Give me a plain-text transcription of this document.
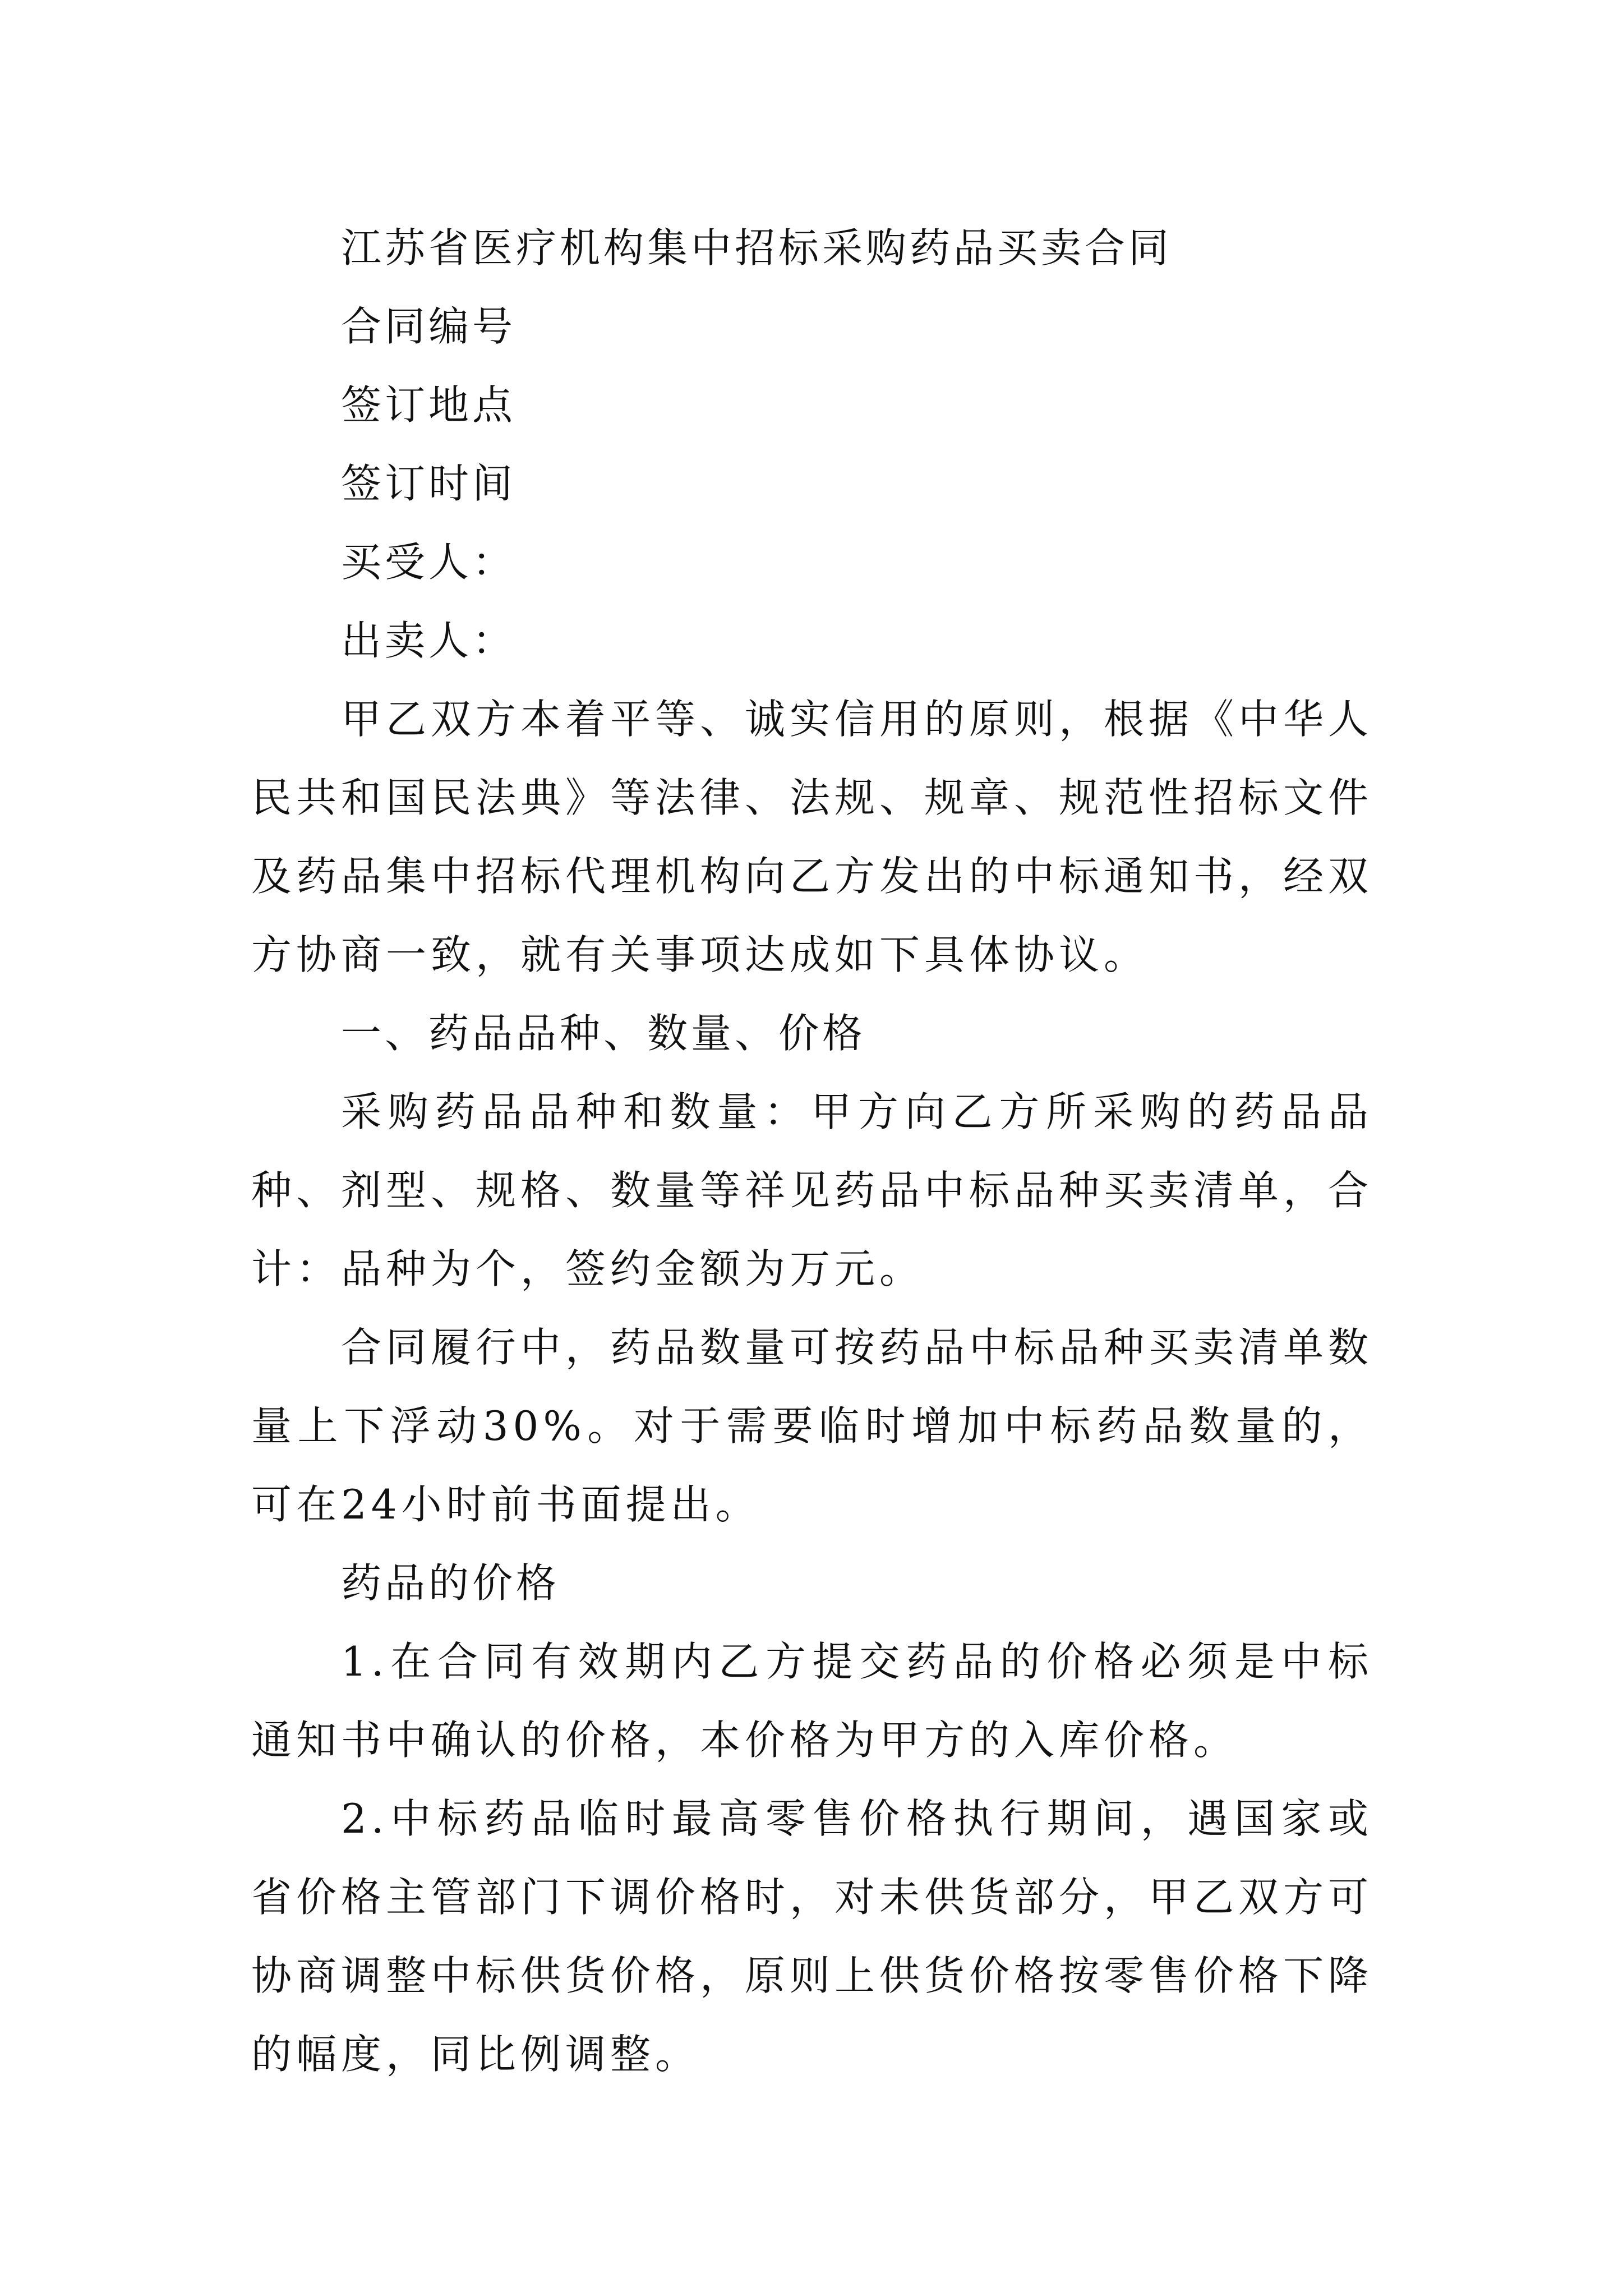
江苏省医疗机构集中招标采购药品买卖合同
合同编号
签订地点
签订时间
买受人：
出卖人：

甲乙双方本着平等、诚实信用的原则，根据《中华人民共和国民法典》等法律、法规、规章、规范性招标文件及药品集中招标代理机构向乙方发出的中标通知书，经双方协商一致，就有关事项达成如下具体协议。

一、药品品种、数量、价格

采购药品品种和数量：甲方向乙方所采购的药品品种、剂型、规格、数量等祥见药品中标品种买卖清单，合计：品种为个，签约金额为万元。

合同履行中，药品数量可按药品中标品种买卖清单数量上下浮动30%。对于需要临时增加中标药品数量的，可在24小时前书面提出。

药品的价格

1.在合同有效期内乙方提交药品的价格必须是中标通知书中确认的价格，本价格为甲方的入库价格。

2.中标药品临时最高零售价格执行期间，遇国家或省价格主管部门下调价格时，对未供货部分，甲乙双方可协商调整中标供货价格，原则上供货价格按零售价格下降的幅度，同比例调整。
